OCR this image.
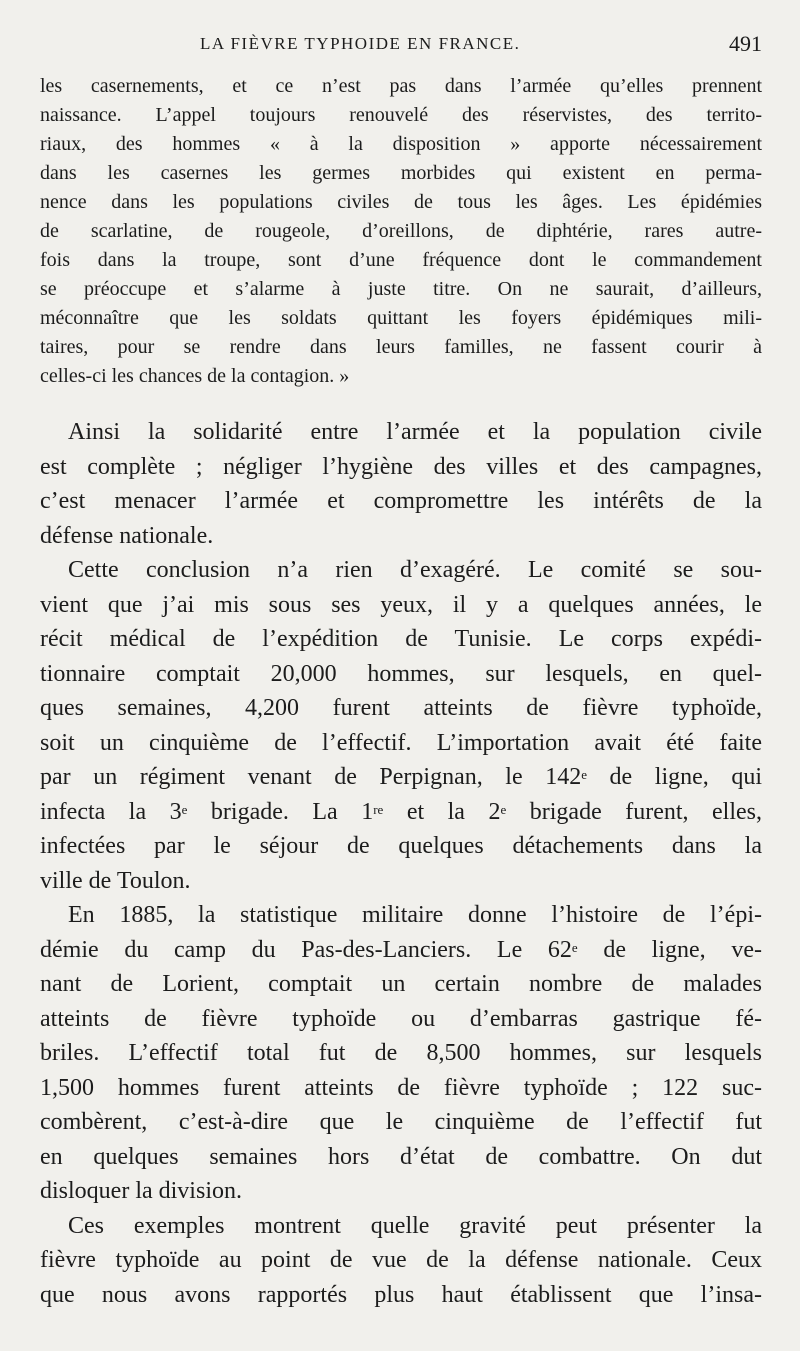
LA FIÈVRE TYPHOIDE EN FRANCE.	491
les casernements, et ce n’est pas dans l’armée qu’elles prennent
naissance. L’appel toujours renouvelé des réservistes, des territo-
riaux, des hommes « à la disposition » apporte nécessairement
dans les casernes les germes morbides qui existent en perma-
nence dans les populations civiles de tous les âges. Les épidémies
de scarlatine, de rougeole, d’oreillons, de diphtérie, rares autre-
fois dans la troupe, sont d’une fréquence dont le commandement
se préoccupe et s’alarme à juste titre. On ne saurait, d’ailleurs,
méconnaître que les soldats quittant les foyers épidémiques mili-
taires, pour se rendre dans leurs familles, ne fassent courir à
celles-ci les chances de la contagion. »
Ainsi la solidarité entre l’armée et la population civile
est complète ; négliger l’hygiène des villes et des campagnes,
c’est menacer l’armée et compromettre les intérêts de la
défense nationale.
Cette conclusion n’a rien d’exagéré. Le comité se sou-
vient que j’ai mis sous ses yeux, il y a quelques années, le
récit médical de l’expédition de Tunisie. Le corps expédi-
tionnaire comptait 20,000 hommes, sur lesquels, en quel-
ques semaines, 4,200 furent atteints de fièvre typhoïde,
soit un cinquième de l’effectif. L’importation avait été faite
par un régiment venant de Perpignan, le 142e de ligne, qui
infecta la 3e brigade. La 1re et la 2e brigade furent, elles,
infectées par le séjour de quelques détachements dans la
ville de Toulon.
En 1885, la statistique militaire donne l’histoire de l’épi-
démie du camp du Pas-des-Lanciers. Le 62e de ligne, ve-
nant de Lorient, comptait un certain nombre de malades
atteints de fièvre typhoïde ou d’embarras gastrique fé-
briles. L’effectif total fut de 8,500 hommes, sur lesquels
1,500 hommes furent atteints de fièvre typhoïde ; 122 suc-
combèrent, c’est-à-dire que le cinquième de l’effectif fut
en quelques semaines hors d’état de combattre. On dut
disloquer la division.
Ces exemples montrent quelle gravité peut présenter la
fièvre typhoïde au point de vue de la défense nationale. Ceux
que nous avons rapportés plus haut établissent que l’insa-
